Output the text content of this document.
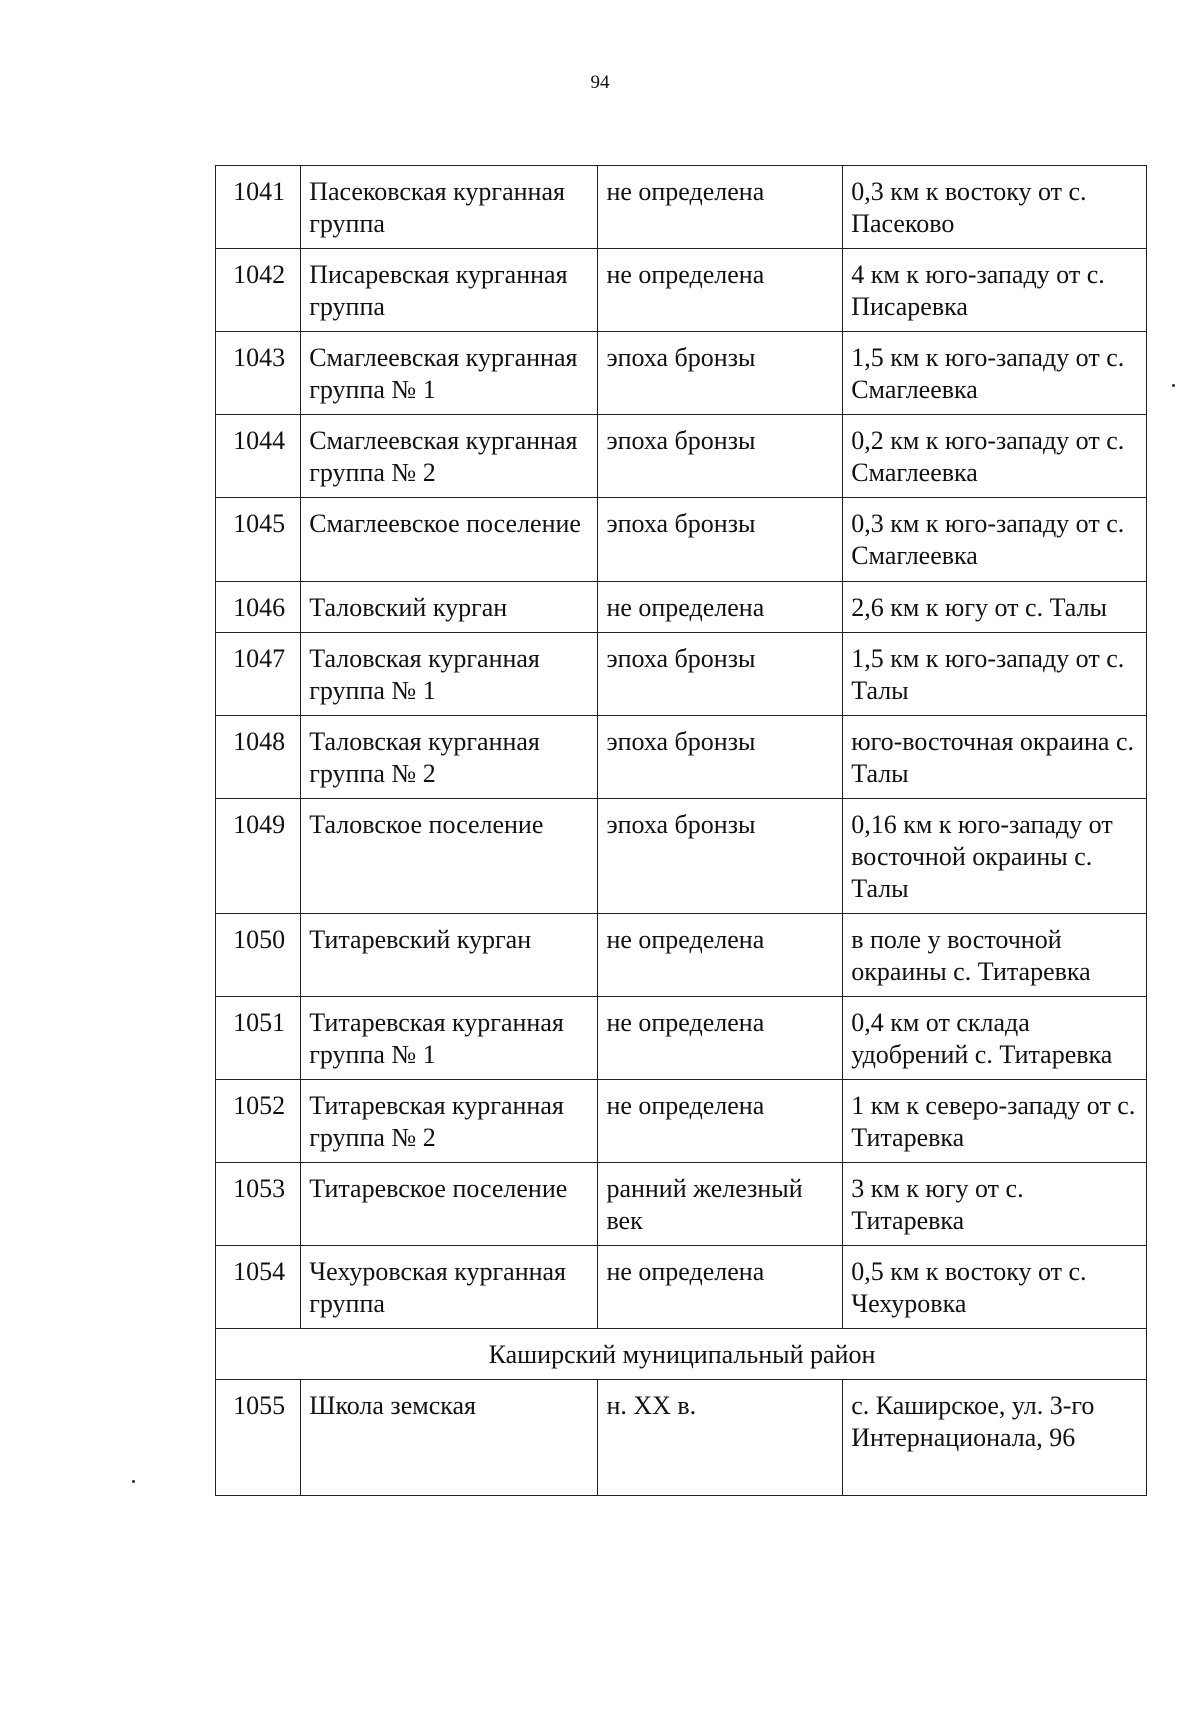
94
1041	Пасековская курганная группа	не определена	0,3 км к востоку от с. Пасеково
1042	Писаревская курганная группа	не определена	4 км к юго-западу от с. Писаревка
1043	Смаглеевская курганная группа № 1	эпоха бронзы	1,5 км к юго-западу от с. Смаглеевка
1044	Смаглеевская курганная группа № 2	эпоха бронзы	0,2 км к юго-западу от с. Смаглеевка
1045	Смаглеевское поселение	эпоха бронзы	0,3 км к юго-западу от с. Смаглеевка
1046	Таловский курган	не определена	2,6 км к югу от с. Талы
1047	Таловская курганная группа № 1	эпоха бронзы	1,5 км к юго-западу от с. Талы
1048	Таловская курганная группа № 2	эпоха бронзы	юго-восточная окраина с. Талы
1049	Таловское поселение	эпоха бронзы	0,16 км к юго-западу от восточной окраины с. Талы
1050	Титаревский курган	не определена	в поле у восточной окраины с. Титаревка
1051	Титаревская курганная группа № 1	не определена	0,4 км от склада удобрений с. Титаревка
1052	Титаревская курганная группа № 2	не определена	1 км к северо-западу от с. Титаревка
1053	Титаревское поселение	ранний железный век	3 км к югу от с. Титаревка
1054	Чехуровская курганная группа	не определена	0,5 км к востоку от с. Чехуровка
Каширский муниципальный район			
1055	Школа земская	н. XX в.	с. Каширское, ул. 3-го Интернационала, 96
